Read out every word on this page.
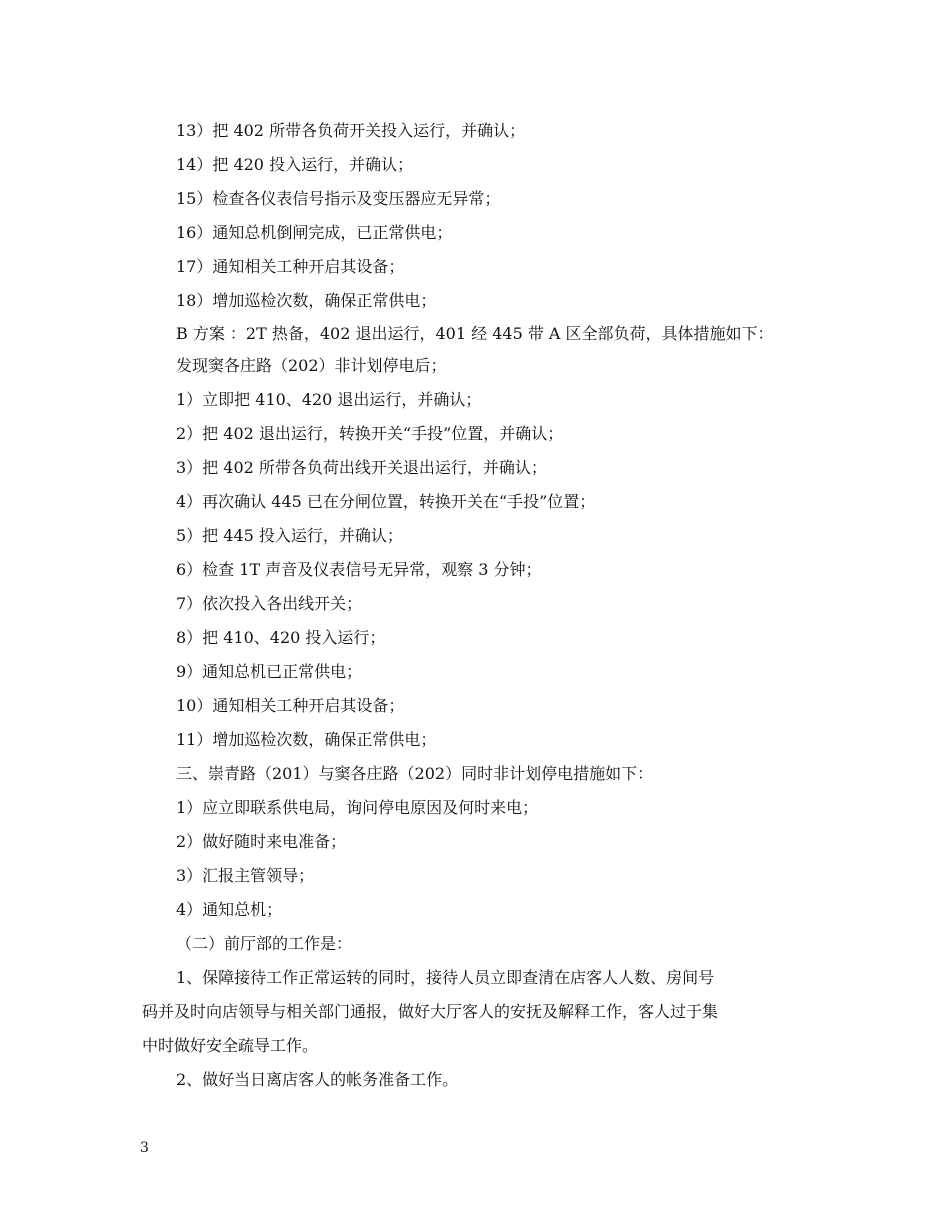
13）把 402 所带各负荷开关投入运行，并确认；
14）把 420 投入运行，并确认；
15）检查各仪表信号指示及变压器应无异常；
16）通知总机倒闸完成，已正常供电；
17）通知相关工种开启其设备；
18）增加巡检次数，确保正常供电；
B 方案 ：2T 热备，402 退出运行，401 经 445 带 A 区全部负荷，具体措施如下：
发现窦各庄路（202）非计划停电后；
1）立即把 410、420 退出运行，并确认；
2）把 402 退出运行，转换开关“手投”位置，并确认；
3）把 402 所带各负荷出线开关退出运行，并确认；
4）再次确认 445 已在分闸位置，转换开关在“手投”位置；
5）把 445 投入运行，并确认；
6）检查 1T 声音及仪表信号无异常，观察 3 分钟；
7）依次投入各出线开关；
8）把 410、420 投入运行；
9）通知总机已正常供电；
10）通知相关工种开启其设备；
11）增加巡检次数，确保正常供电；
三、崇青路（201）与窦各庄路（202）同时非计划停电措施如下：
1）应立即联系供电局，询问停电原因及何时来电；
2）做好随时来电准备；
3）汇报主管领导；
4）通知总机；
（二）前厅部的工作是：
1、保障接待工作正常运转的同时，接待人员立即查清在店客人人数、房间号
码并及时向店领导与相关部门通报，做好大厅客人的安抚及解释工作，客人过于集
中时做好安全疏导工作。
2、做好当日离店客人的帐务准备工作。
3
